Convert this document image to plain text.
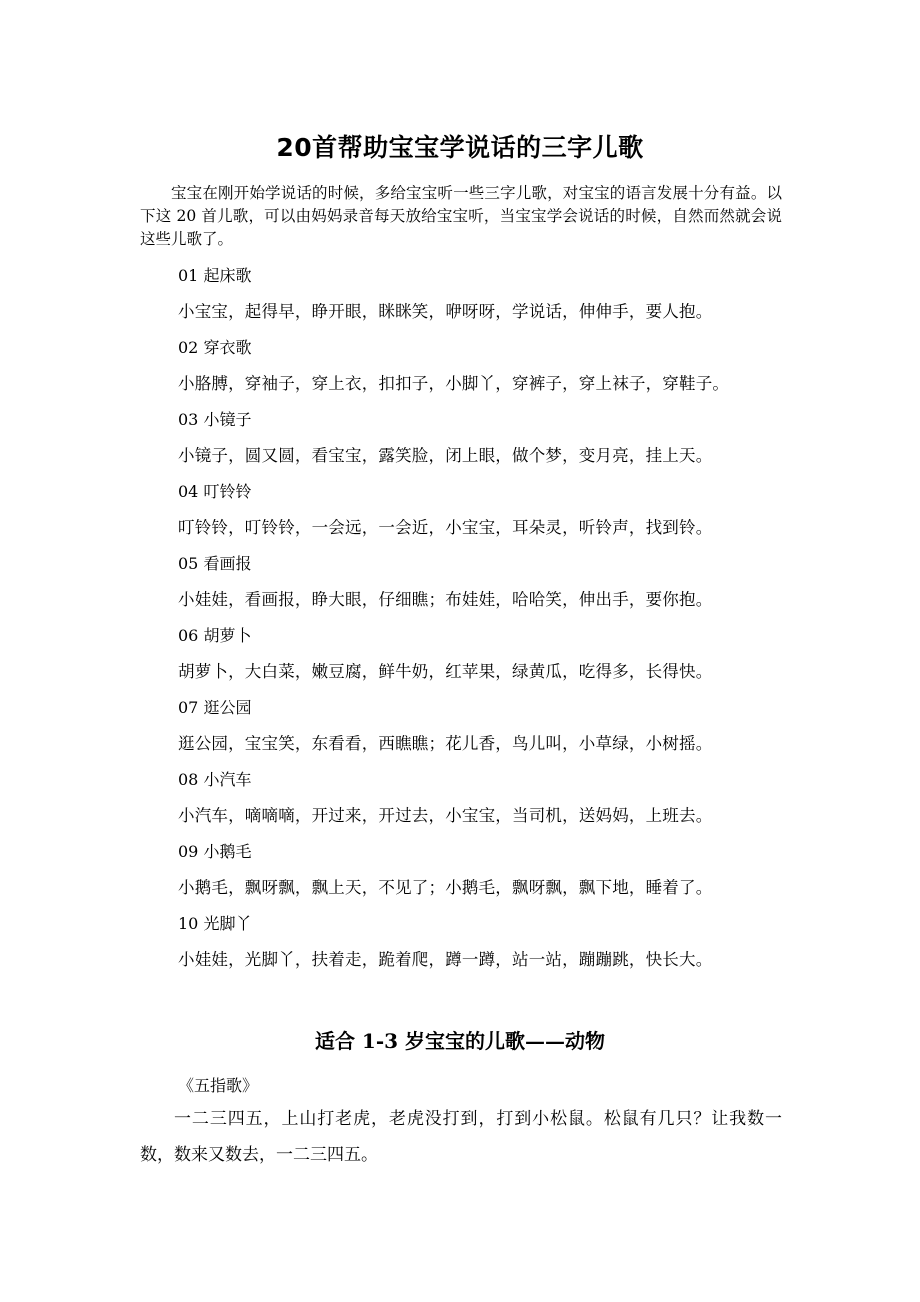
20首帮助宝宝学说话的三字儿歌
宝宝在刚开始学说话的时候，多给宝宝听一些三字儿歌，对宝宝的语言发展十分有益。以下这 20 首儿歌，可以由妈妈录音每天放给宝宝听，当宝宝学会说话的时候，自然而然就会说这些儿歌了。
01 起床歌
小宝宝，起得早，睁开眼，眯眯笑，咿呀呀，学说话，伸伸手，要人抱。
02 穿衣歌
小胳膊，穿袖子，穿上衣，扣扣子，小脚丫，穿裤子，穿上袜子，穿鞋子。
03 小镜子
小镜子，圆又圆，看宝宝，露笑脸，闭上眼，做个梦，变月亮，挂上天。
04 叮铃铃
叮铃铃，叮铃铃，一会远，一会近，小宝宝，耳朵灵，听铃声，找到铃。
05 看画报
小娃娃，看画报，睁大眼，仔细瞧；布娃娃，哈哈笑，伸出手，要你抱。
06 胡萝卜
胡萝卜，大白菜，嫩豆腐，鲜牛奶，红苹果，绿黄瓜，吃得多，长得快。
07 逛公园
逛公园，宝宝笑，东看看，西瞧瞧；花儿香，鸟儿叫，小草绿，小树摇。
08 小汽车
小汽车，嘀嘀嘀，开过来，开过去，小宝宝，当司机，送妈妈，上班去。
09 小鹅毛
小鹅毛，飘呀飘，飘上天，不见了；小鹅毛，飘呀飘，飘下地，睡着了。
10 光脚丫
小娃娃，光脚丫，扶着走，跪着爬，蹲一蹲，站一站，蹦蹦跳，快长大。
适合 1-3 岁宝宝的儿歌——动物
《五指歌》
一二三四五，上山打老虎，老虎没打到，打到小松鼠。松鼠有几只？让我数一数，数来又数去，一二三四五。
